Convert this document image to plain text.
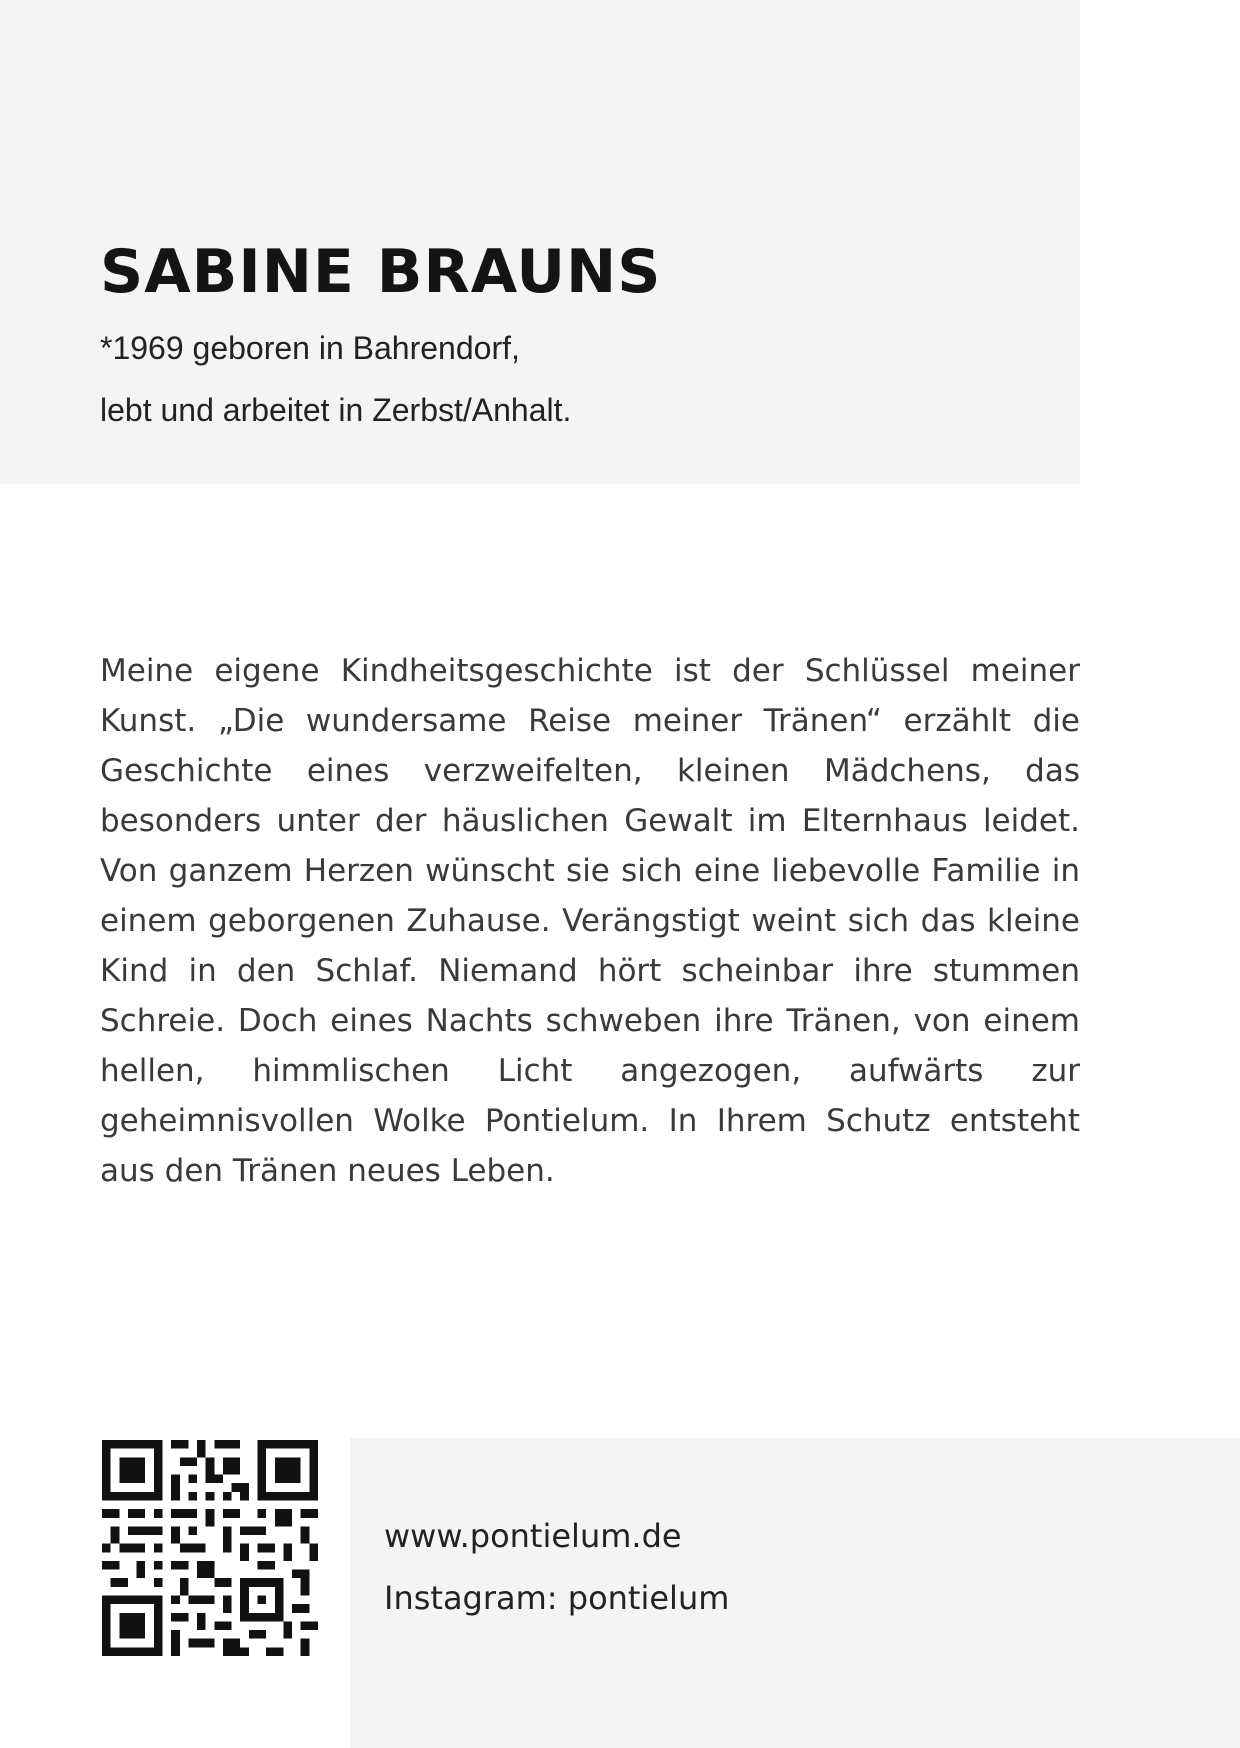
SABINE BRAUNS

*1969 geboren in Bahrendorf,

lebt und arbeitet in Zerbst/Anhalt.

Meine eigene Kindheitsgeschichte ist der Schlüssel meiner Kunst. „Die wundersame Reise meiner Tränen“ erzählt die Geschichte eines verzweifelten, kleinen Mädchens, das besonders unter der häuslichen Gewalt im Elternhaus leidet. Von ganzem Herzen wünscht sie sich eine liebevolle Familie in einem geborgenen Zuhause. Verängstigt weint sich das kleine Kind in den Schlaf. Niemand hört scheinbar ihre stummen Schreie. Doch eines Nachts schweben ihre Tränen, von einem hellen, himmlischen Licht angezogen, aufwärts zur geheimnisvollen Wolke Pontielum. In Ihrem Schutz entsteht aus den Tränen neues Leben.

www.pontielum.de

Instagram: pontielum
